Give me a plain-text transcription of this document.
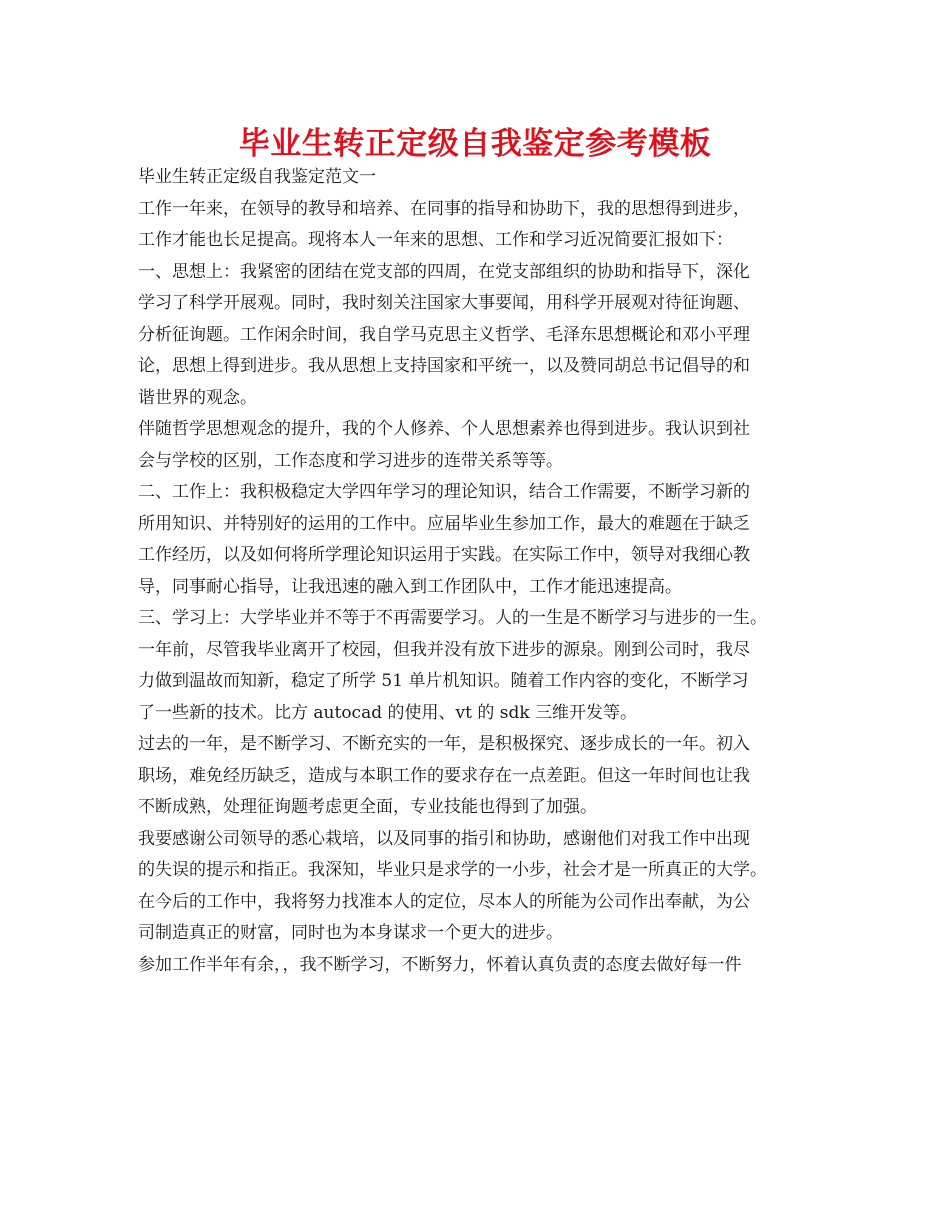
毕业生转正定级自我鉴定参考模板

毕业生转正定级自我鉴定范文一

工作一年来，在领导的教导和培养、在同事的指导和协助下，我的思想得到进步，

工作才能也长足提高。现将本人一年来的思想、工作和学习近况简要汇报如下：

一、思想上：我紧密的团结在党支部的四周，在党支部组织的协助和指导下，深化

学习了科学开展观。同时，我时刻关注国家大事要闻，用科学开展观对待征询题、

分析征询题。工作闲余时间，我自学马克思主义哲学、毛泽东思想概论和邓小平理

论，思想上得到进步。我从思想上支持国家和平统一，以及赞同胡总书记倡导的和

谐世界的观念。

伴随哲学思想观念的提升，我的个人修养、个人思想素养也得到进步。我认识到社

会与学校的区别，工作态度和学习进步的连带关系等等。

二、工作上：我积极稳定大学四年学习的理论知识，结合工作需要，不断学习新的

所用知识、并特别好的运用的工作中。应届毕业生参加工作，最大的难题在于缺乏

工作经历，以及如何将所学理论知识运用于实践。在实际工作中，领导对我细心教

导，同事耐心指导，让我迅速的融入到工作团队中，工作才能迅速提高。

三、学习上：大学毕业并不等于不再需要学习。人的一生是不断学习与进步的一生。

一年前，尽管我毕业离开了校园，但我并没有放下进步的源泉。刚到公司时，我尽

力做到温故而知新，稳定了所学 51 单片机知识。随着工作内容的变化，不断学习

了一些新的技术。比方 autocad 的使用、vt 的 sdk 三维开发等。

过去的一年，是不断学习、不断充实的一年，是积极探究、逐步成长的一年。初入

职场，难免经历缺乏，造成与本职工作的要求存在一点差距。但这一年时间也让我

不断成熟，处理征询题考虑更全面，专业技能也得到了加强。

我要感谢公司领导的悉心栽培，以及同事的指引和协助，感谢他们对我工作中出现

的失误的提示和指正。我深知，毕业只是求学的一小步，社会才是一所真正的大学。

在今后的工作中，我将努力找准本人的定位，尽本人的所能为公司作出奉献，为公

司制造真正的财富，同时也为本身谋求一个更大的进步。

参加工作半年有余，，我不断学习，不断努力，怀着认真负责的态度去做好每一件
